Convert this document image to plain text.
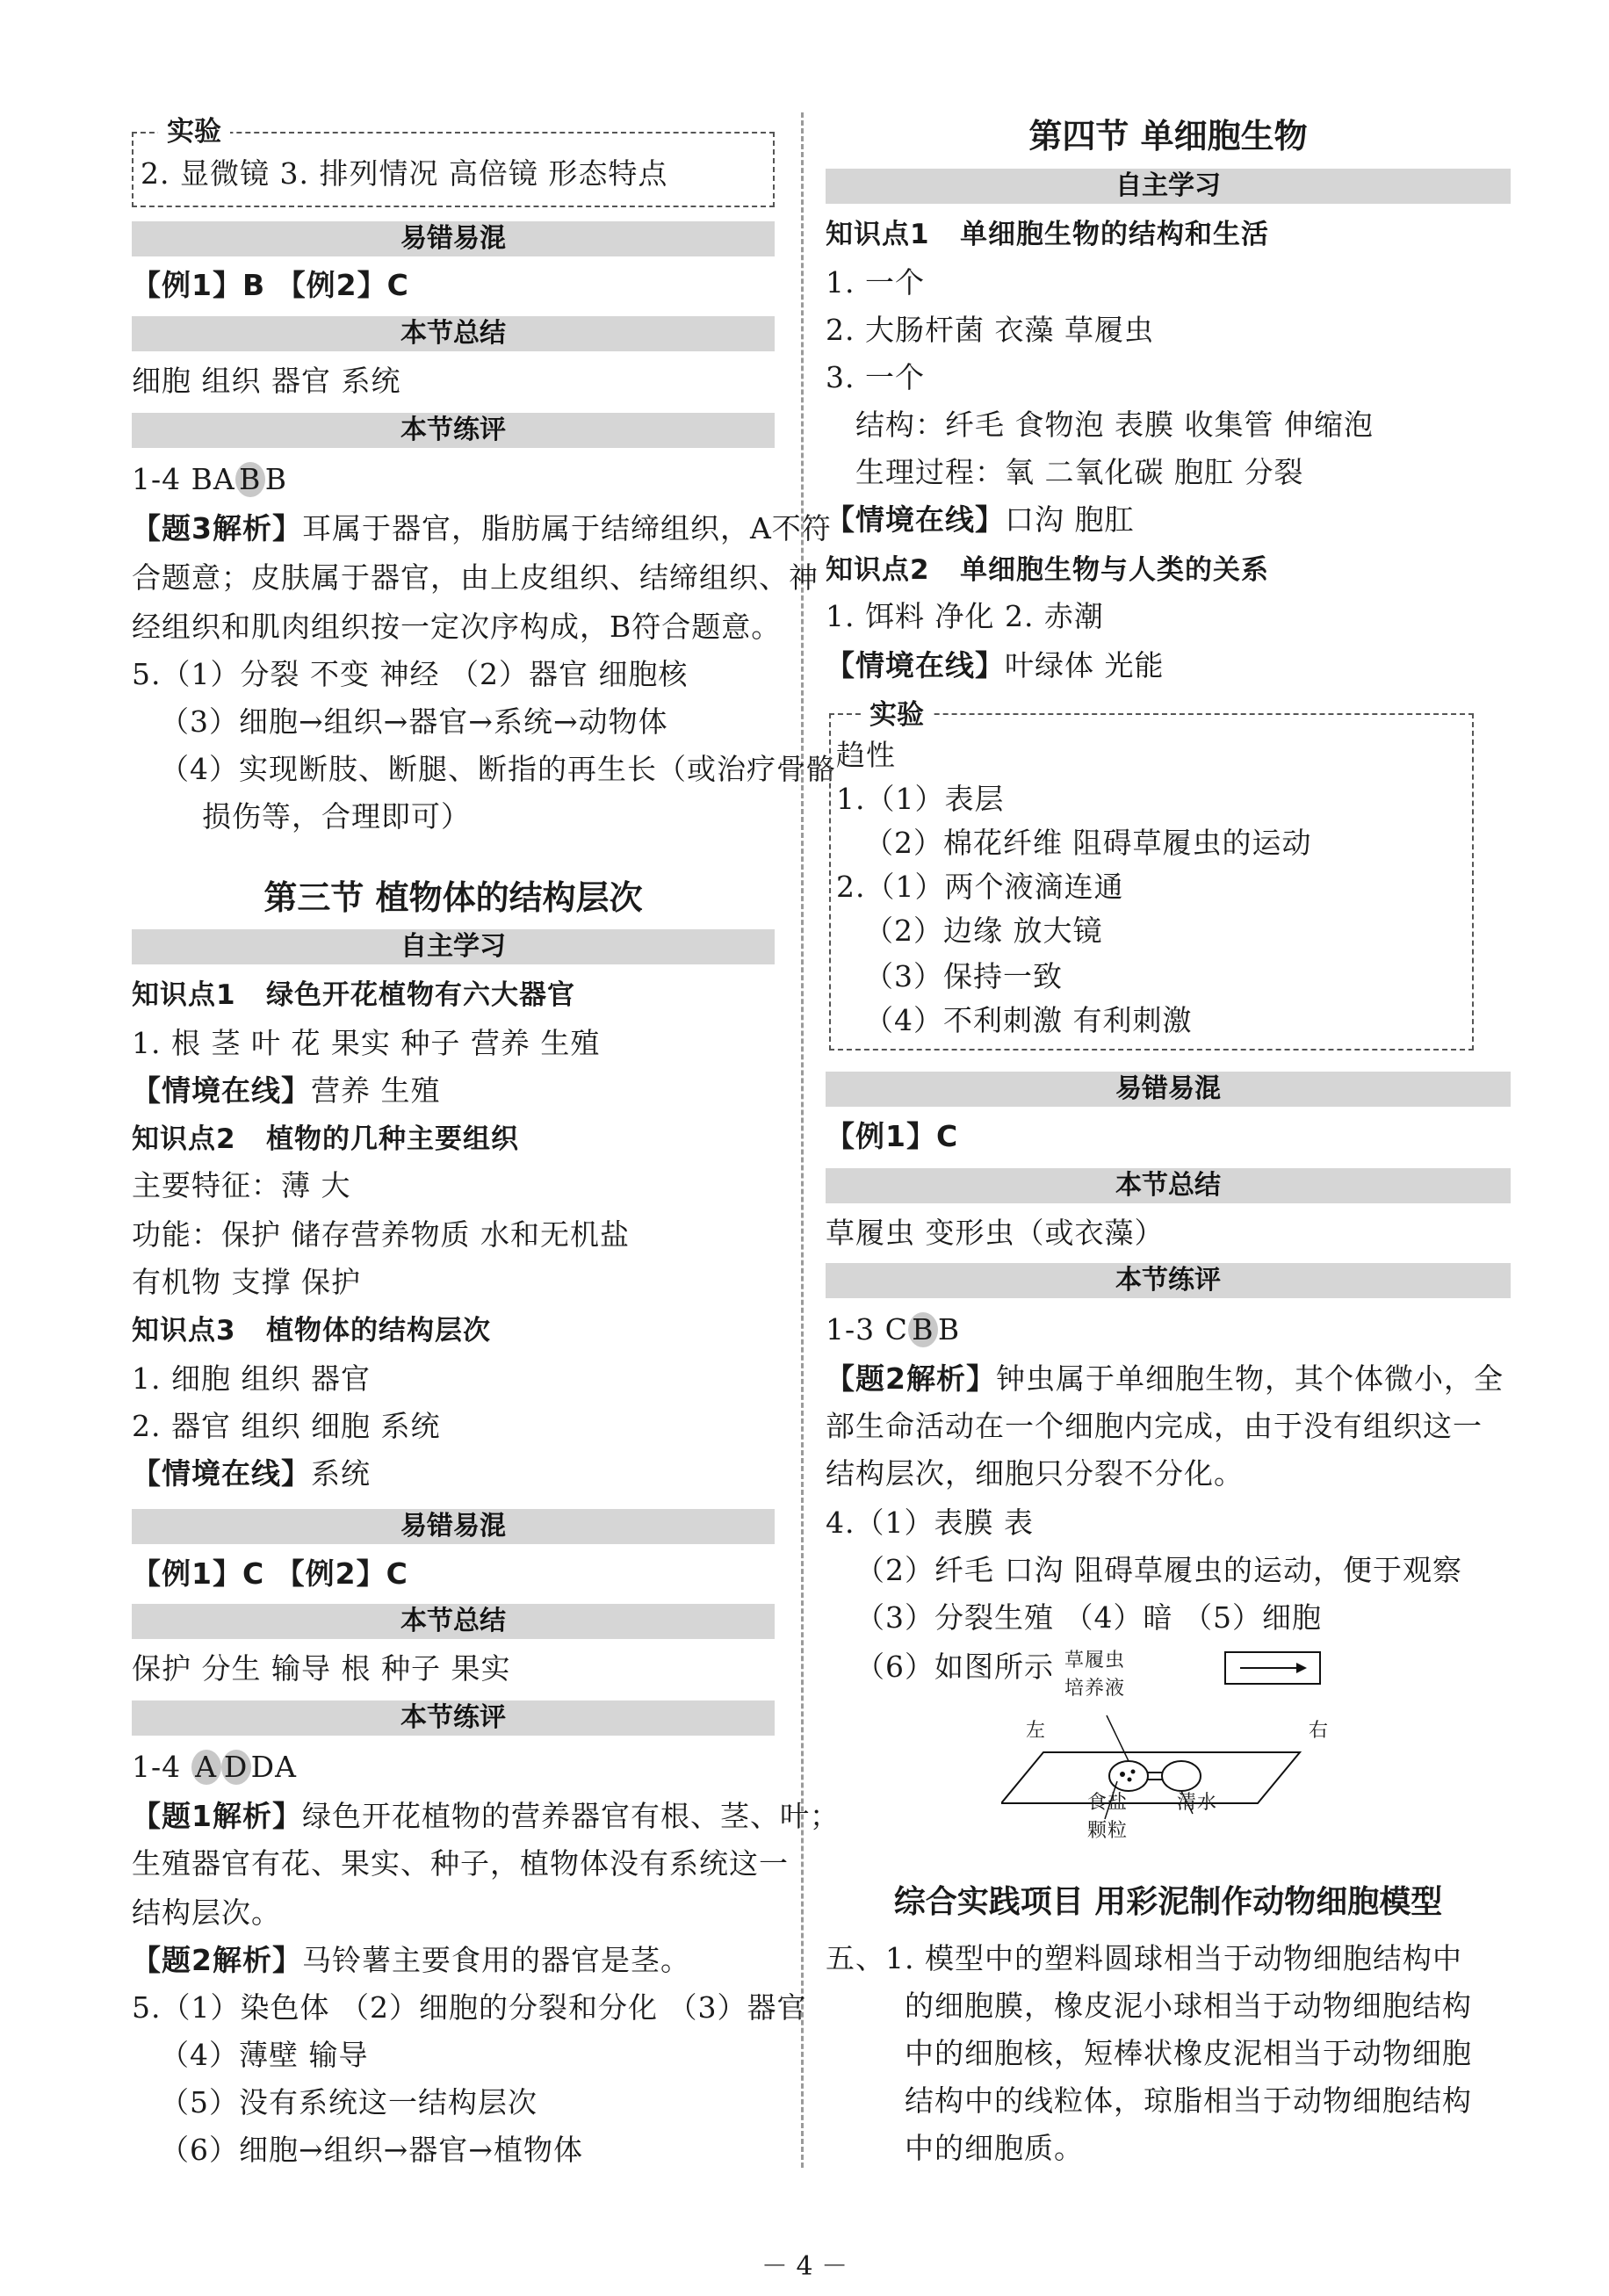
实验
2. 显微镜 3. 排列情况 高倍镜 形态特点
易错易混
【例1】B 【例2】C
本节总结
细胞 组织 器官 系统
本节练评
1-4 BA B B
【题3解析】耳属于器官，脂肪属于结缔组织，A不符
合题意；皮肤属于器官，由上皮组织、结缔组织、神
经组织和肌肉组织按一定次序构成，B符合题意。
5.（1）分裂 不变 神经 （2）器官 细胞核
（3）细胞→组织→器官→系统→动物体
（4）实现断肢、断腿、断指的再生长（或治疗骨骼
损伤等，合理即可）
第三节 植物体的结构层次
自主学习
知识点1 绿色开花植物有六大器官
1. 根 茎 叶 花 果实 种子 营养 生殖
【情境在线】营养 生殖
知识点2 植物的几种主要组织
主要特征：薄 大
功能：保护 储存营养物质 水和无机盐
有机物 支撑 保护
知识点3 植物体的结构层次
1. 细胞 组织 器官
2. 器官 组织 细胞 系统
【情境在线】系统
易错易混
【例1】C 【例2】C
本节总结
保护 分生 输导 根 种子 果实
本节练评
1-4 A DDA
【题1解析】绿色开花植物的营养器官有根、茎、叶；
生殖器官有花、果实、种子，植物体没有系统这一
结构层次。
【题2解析】马铃薯主要食用的器官是茎。
5.（1）染色体 （2）细胞的分裂和分化 （3）器官
（4）薄壁 输导
（5）没有系统这一结构层次
（6）细胞→组织→器官→植物体
第四节 单细胞生物
自主学习
知识点1 单细胞生物的结构和生活
1. 一个
2. 大肠杆菌 衣藻 草履虫
3. 一个
结构：纤毛 食物泡 表膜 收集管 伸缩泡
生理过程：氧 二氧化碳 胞肛 分裂
【情境在线】口沟 胞肛
知识点2 单细胞生物与人类的关系
1. 饵料 净化 2. 赤潮
【情境在线】叶绿体 光能
实验
趋性
1.（1）表层
（2）棉花纤维 阻碍草履虫的运动
2.（1）两个液滴连通
（2）边缘 放大镜
（3）保持一致
（4）不利刺激 有利刺激
易错易混
【例1】C
本节总结
草履虫 变形虫（或衣藻）
本节练评
1-3 C B B
【题2解析】钟虫属于单细胞生物，其个体微小，全
部生命活动在一个细胞内完成，由于没有组织这一
结构层次，细胞只分裂不分化。
4.（1）表膜 表
（2）纤毛 口沟 阻碍草履虫的运动，便于观察
（3）分裂生殖 （4）暗 （5）细胞
（6）如图所示 草履虫
培养液
左	右
食盐
颗粒
清水
综合实践项目 用彩泥制作动物细胞模型
五、1. 模型中的塑料圆球相当于动物细胞结构中
的细胞膜，橡皮泥小球相当于动物细胞结构
中的细胞核，短棒状橡皮泥相当于动物细胞
结构中的线粒体，琼脂相当于动物细胞结构
中的细胞质。
－ 4 －
